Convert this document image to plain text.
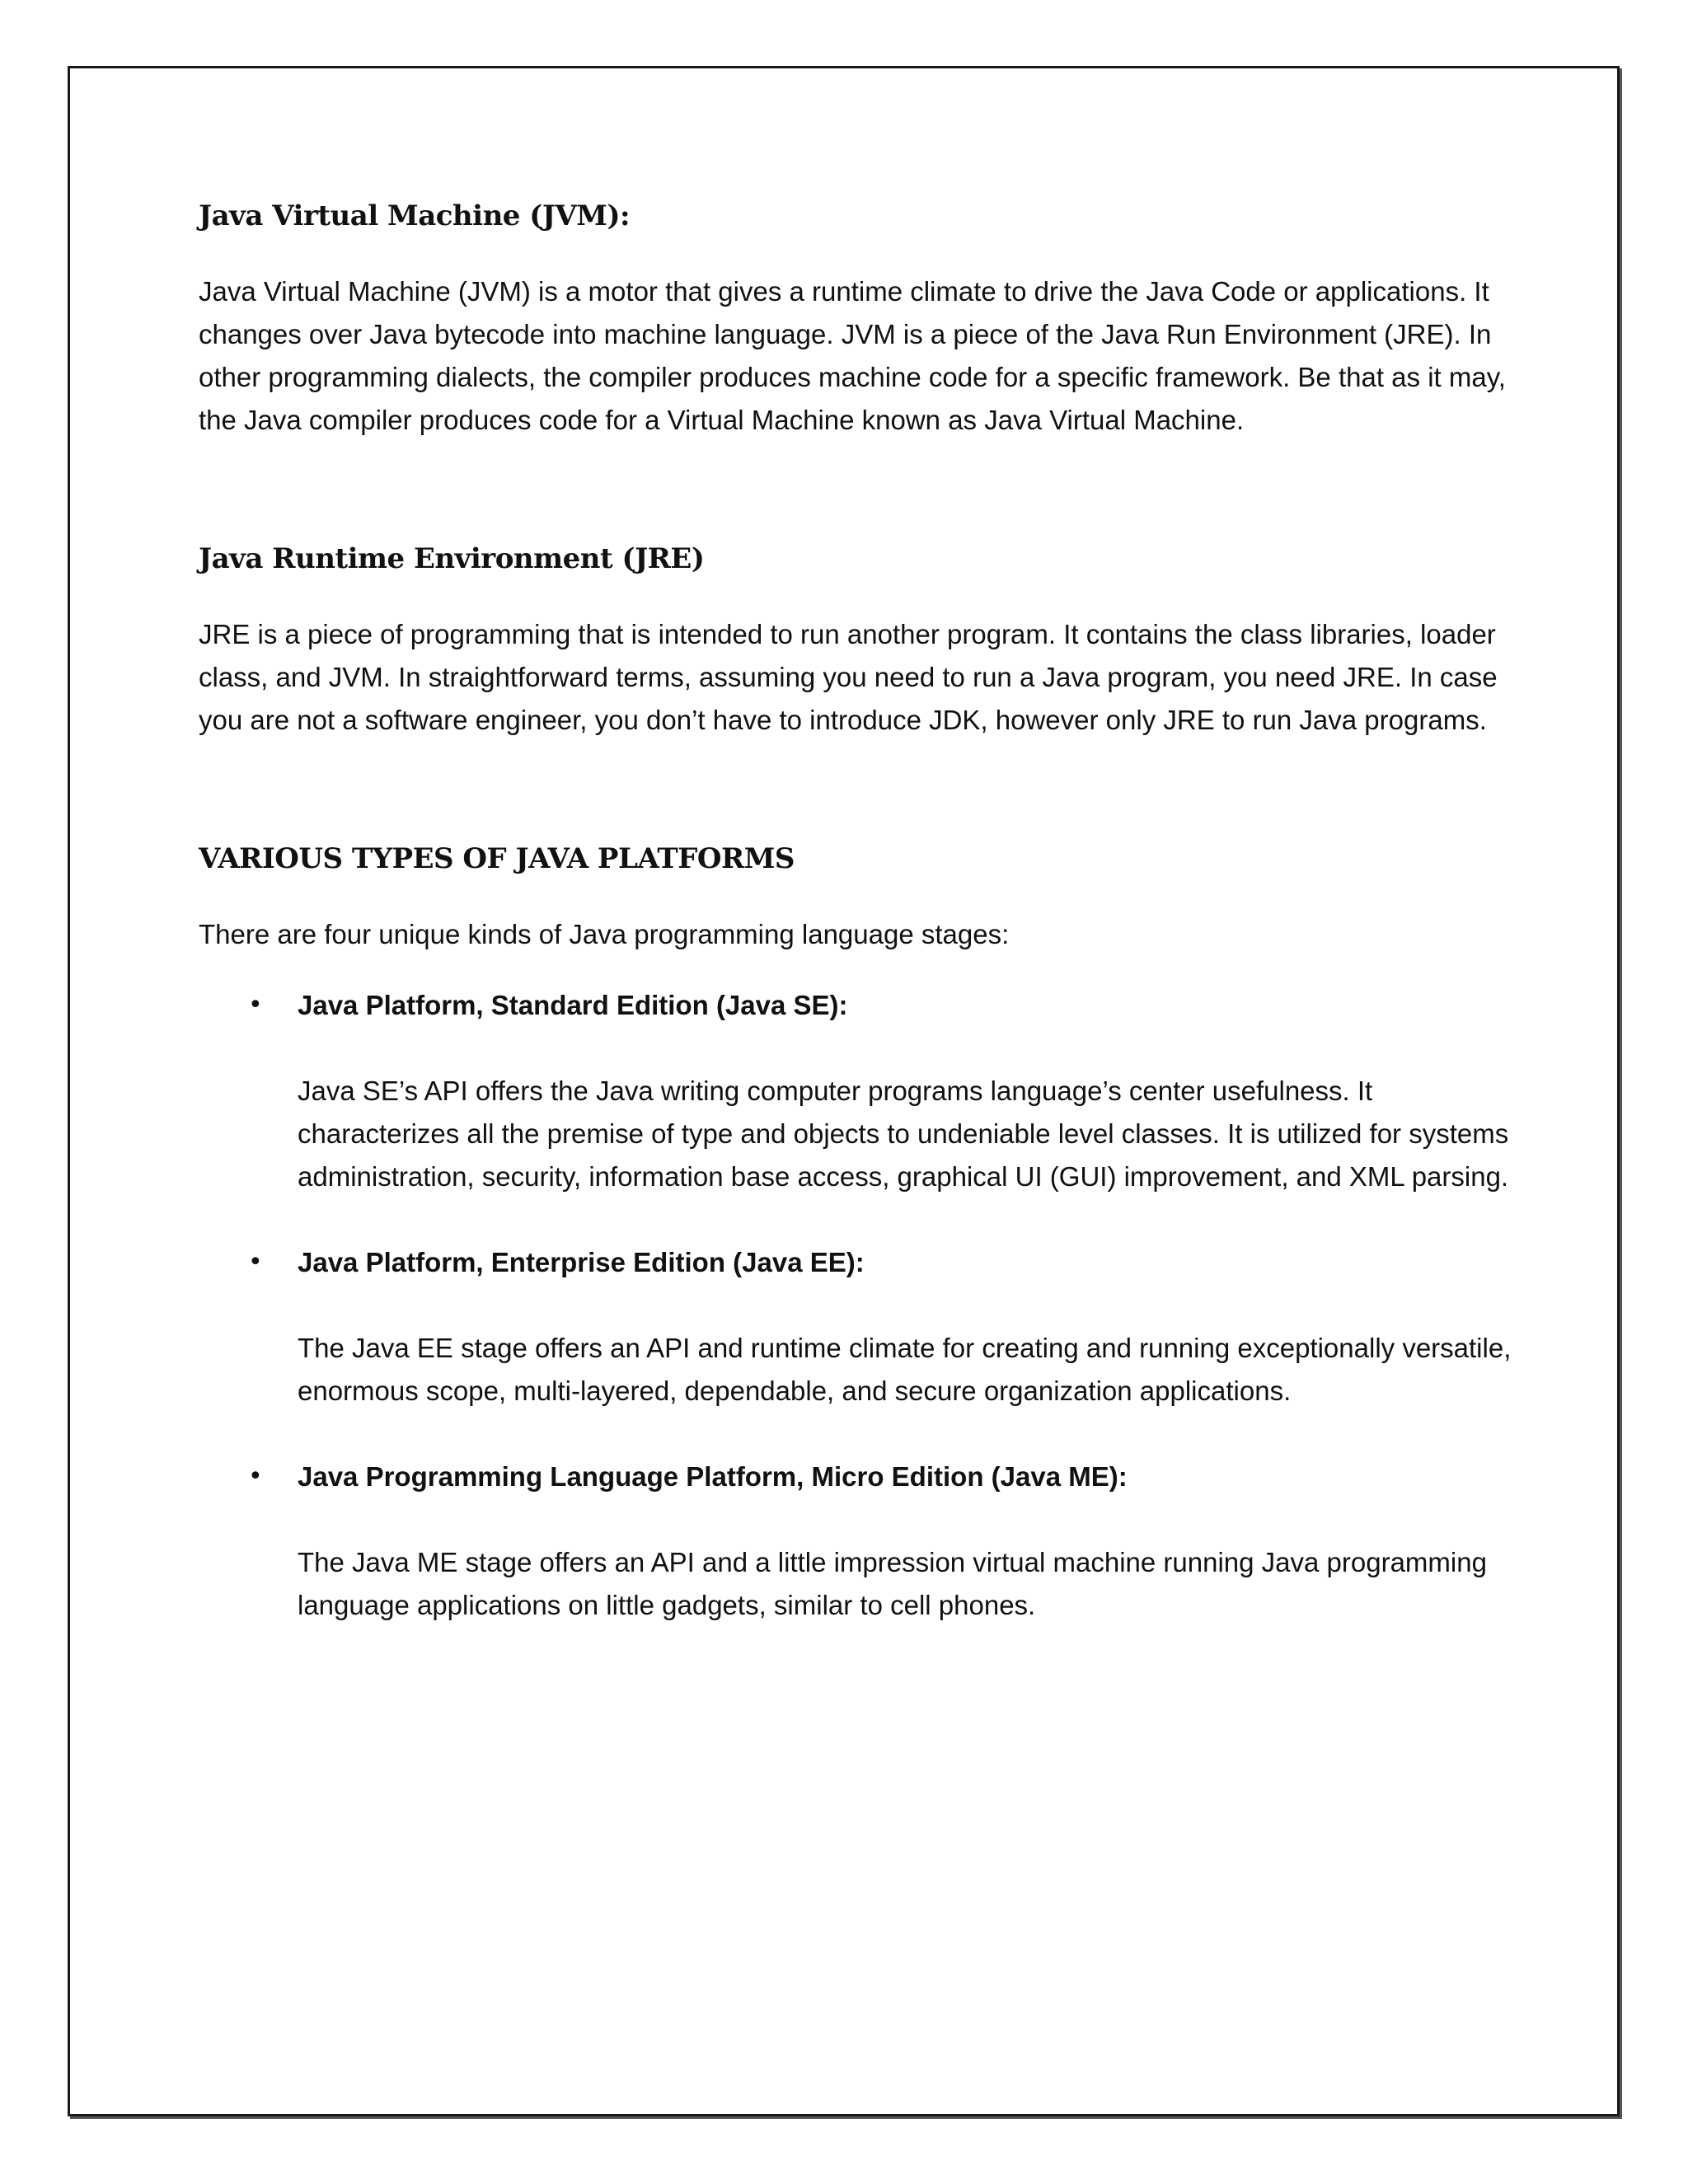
Java Virtual Machine (JVM):

Java Virtual Machine (JVM) is a motor that gives a runtime climate to drive the Java Code or applications. It changes over Java bytecode into machine language. JVM is a piece of the Java Run Environment (JRE). In other programming dialects, the compiler produces machine code for a specific framework. Be that as it may, the Java compiler produces code for a Virtual Machine known as Java Virtual Machine.

Java Runtime Environment (JRE)

JRE is a piece of programming that is intended to run another program. It contains the class libraries, loader class, and JVM. In straightforward terms, assuming you need to run a Java program, you need JRE. In case you are not a software engineer, you don’t have to introduce JDK, however only JRE to run Java programs.

VARIOUS TYPES OF JAVA PLATFORMS

There are four unique kinds of Java programming language stages:

• Java Platform, Standard Edition (Java SE):

Java SE’s API offers the Java writing computer programs language’s center usefulness. It characterizes all the premise of type and objects to undeniable level classes. It is utilized for systems administration, security, information base access, graphical UI (GUI) improvement, and XML parsing.

• Java Platform, Enterprise Edition (Java EE):

The Java EE stage offers an API and runtime climate for creating and running exceptionally versatile, enormous scope, multi-layered, dependable, and secure organization applications.

• Java Programming Language Platform, Micro Edition (Java ME):

The Java ME stage offers an API and a little impression virtual machine running Java programming language applications on little gadgets, similar to cell phones.
